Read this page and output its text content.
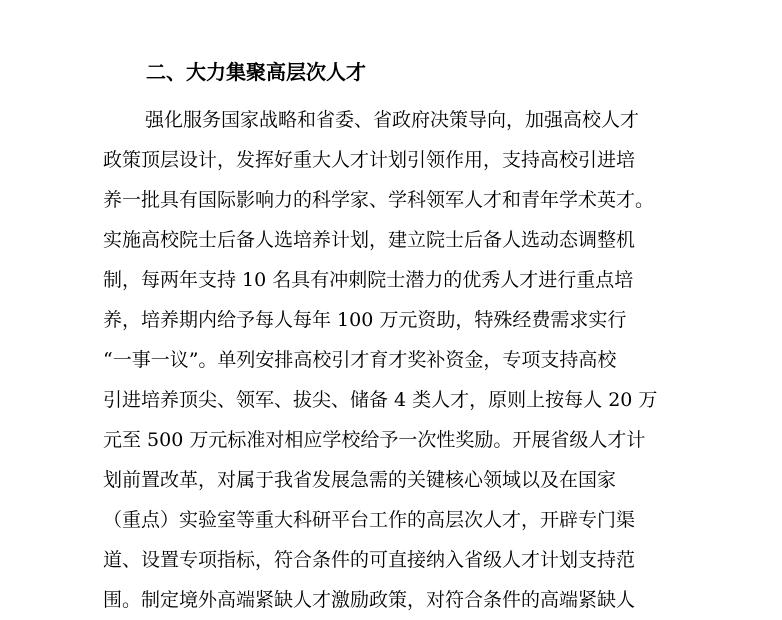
二、大力集聚高层次人才
强化服务国家战略和省委、省政府决策导向，加强高校人才
政策顶层设计，发挥好重大人才计划引领作用，支持高校引进培
养一批具有国际影响力的科学家、学科领军人才和青年学术英才。
实施高校院士后备人选培养计划，建立院士后备人选动态调整机
制，每两年支持 10 名具有冲刺院士潜力的优秀人才进行重点培
养，培养期内给予每人每年 100 万元资助，特殊经费需求实行
“一事一议”。单列安排高校引才育才奖补资金，专项支持高校
引进培养顶尖、领军、拔尖、储备 4 类人才，原则上按每人 20 万
元至 500 万元标准对相应学校给予一次性奖励。开展省级人才计
划前置改革，对属于我省发展急需的关键核心领域以及在国家
（重点）实验室等重大科研平台工作的高层次人才，开辟专门渠
道、设置专项指标，符合条件的可直接纳入省级人才计划支持范
围。制定境外高端紧缺人才激励政策，对符合条件的高端紧缺人
